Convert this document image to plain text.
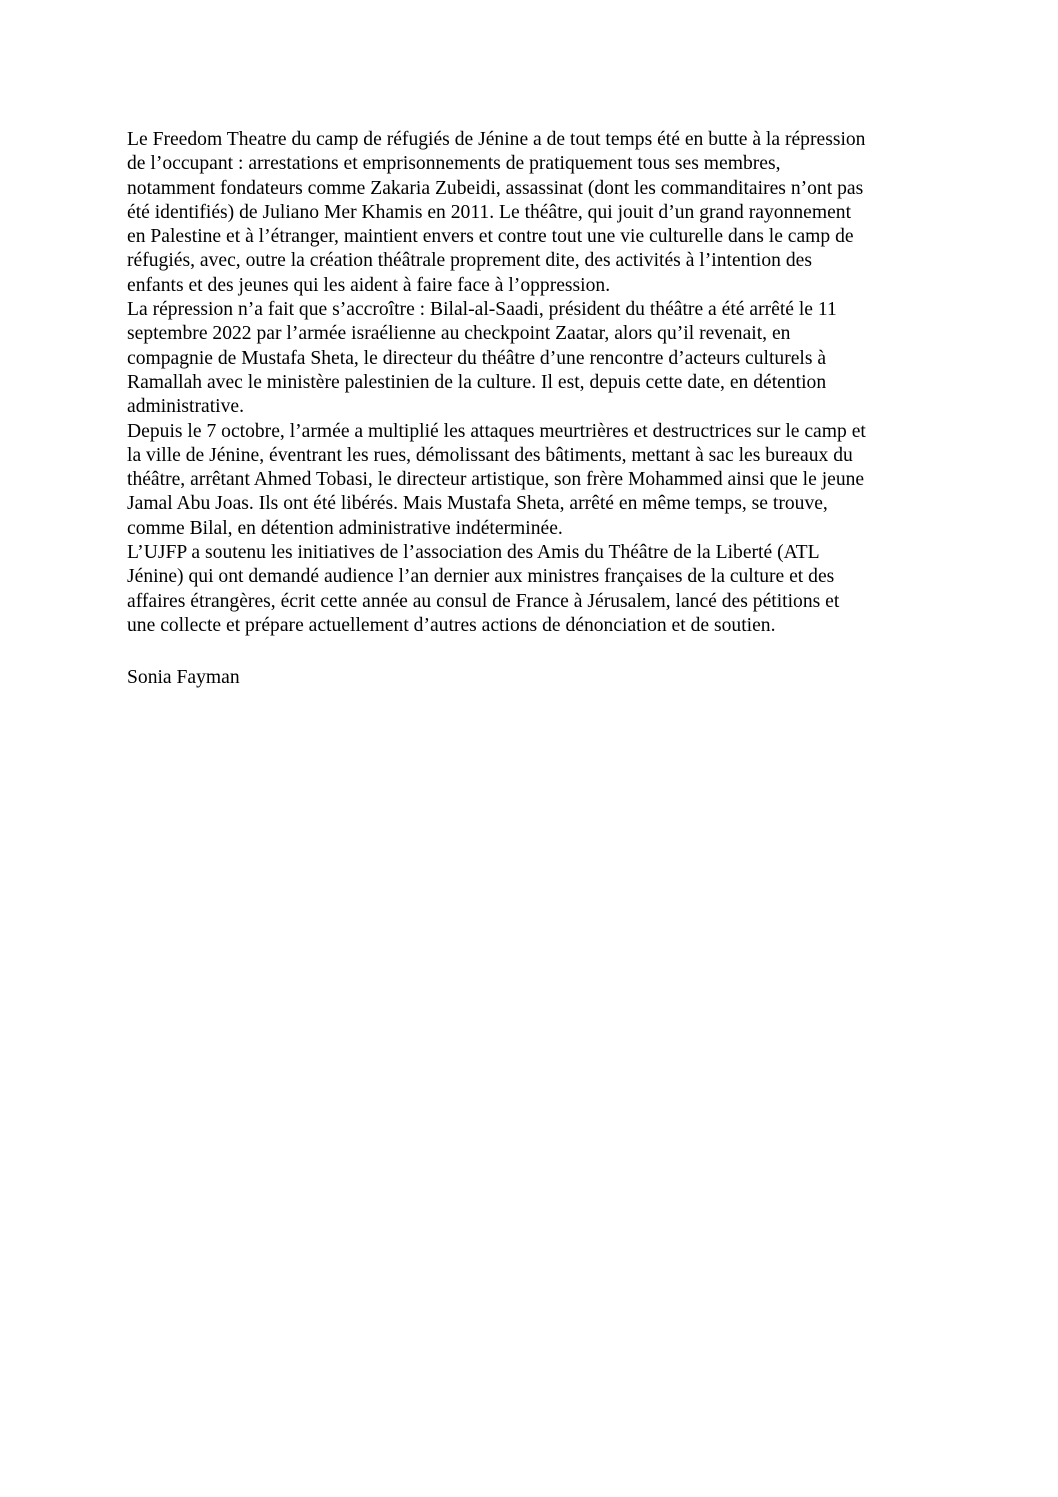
Le Freedom Theatre du camp de réfugiés de Jénine a de tout temps été en butte à la répression
de l’occupant : arrestations et emprisonnements de pratiquement tous ses membres,
notamment fondateurs comme Zakaria Zubeidi, assassinat (dont les commanditaires n’ont pas
été identifiés) de Juliano Mer Khamis en 2011. Le théâtre, qui jouit d’un grand rayonnement
en Palestine et à l’étranger, maintient envers et contre tout une vie culturelle dans le camp de
réfugiés, avec, outre la création théâtrale proprement dite, des activités à l’intention des
enfants et des jeunes qui les aident à faire face à l’oppression.
La répression n’a fait que s’accroître : Bilal-al-Saadi, président du théâtre a été arrêté le 11
septembre 2022 par l’armée israélienne au checkpoint Zaatar, alors qu’il revenait, en
compagnie de Mustafa Sheta, le directeur du théâtre d’une rencontre d’acteurs culturels à
Ramallah avec le ministère palestinien de la culture. Il est, depuis cette date, en détention
administrative.
Depuis le 7 octobre, l’armée a multiplié les attaques meurtrières et destructrices sur le camp et
la ville de Jénine, éventrant les rues, démolissant des bâtiments, mettant à sac les bureaux du
théâtre, arrêtant Ahmed Tobasi, le directeur artistique, son frère Mohammed ainsi que le jeune
Jamal Abu Joas. Ils ont été libérés. Mais Mustafa Sheta, arrêté en même temps, se trouve,
comme Bilal, en détention administrative indéterminée.
L’UJFP a soutenu les initiatives de l’association des Amis du Théâtre de la Liberté (ATL
Jénine) qui ont demandé audience l’an dernier aux ministres françaises de la culture et des
affaires étrangères, écrit cette année au consul de France à Jérusalem, lancé des pétitions et
une collecte et prépare actuellement d’autres actions de dénonciation et de soutien.
Sonia Fayman
